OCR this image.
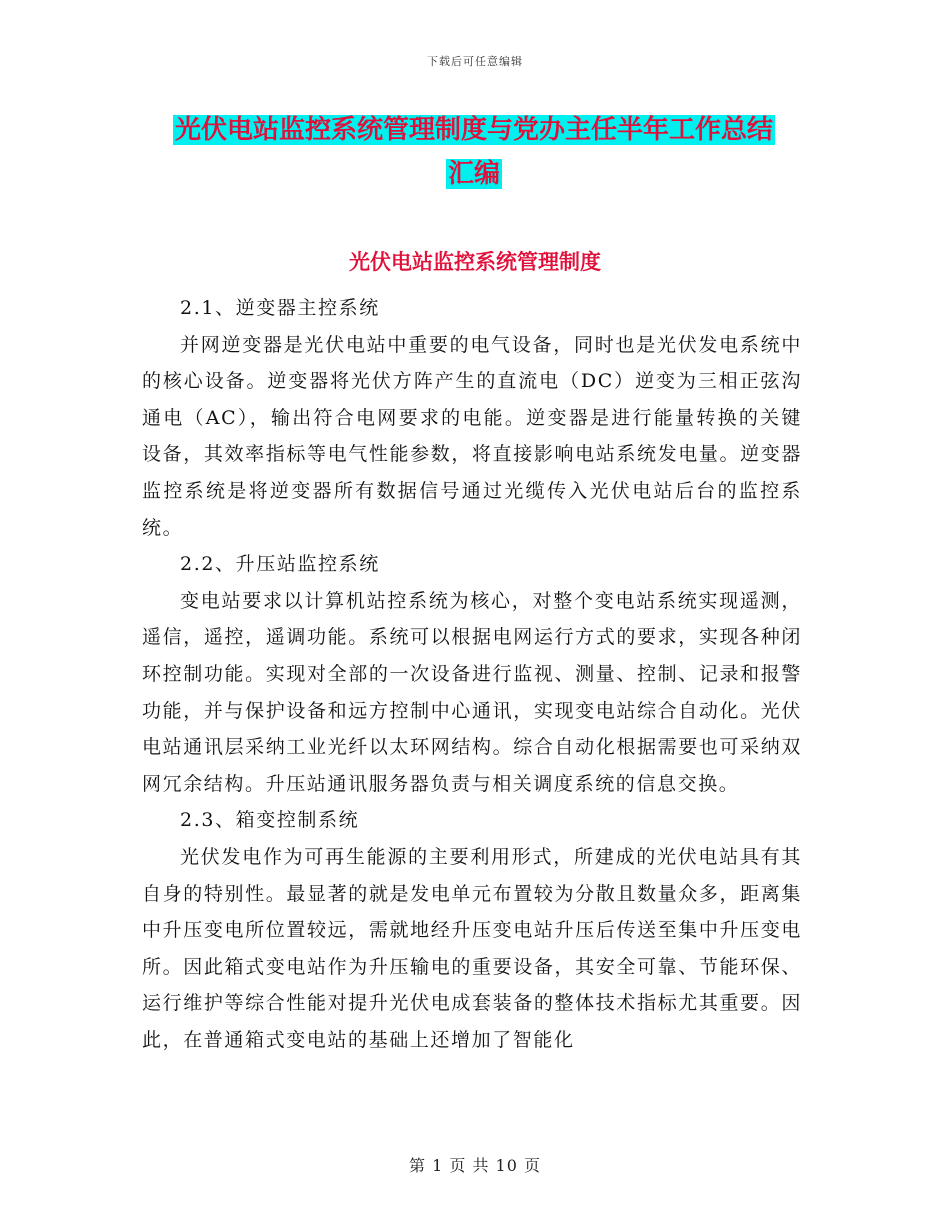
下载后可任意编辑
光伏电站监控系统管理制度与党办主任半年工作总结
汇编
光伏电站监控系统管理制度

2.1、逆变器主控系统

并网逆变器是光伏电站中重要的电气设备，同时也是光伏发电系统中的核心设备。逆变器将光伏方阵产生的直流电（DC）逆变为三相正弦沟通电（AC），输出符合电网要求的电能。逆变器是进行能量转换的关键设备，其效率指标等电气性能参数，将直接影响电站系统发电量。逆变器监控系统是将逆变器所有数据信号通过光缆传入光伏电站后台的监控系统。

2.2、升压站监控系统

变电站要求以计算机站控系统为核心，对整个变电站系统实现遥测，遥信，遥控，遥调功能。系统可以根据电网运行方式的要求，实现各种闭环控制功能。实现对全部的一次设备进行监视、测量、控制、记录和报警功能，并与保护设备和远方控制中心通讯，实现变电站综合自动化。光伏电站通讯层采纳工业光纤以太环网结构。综合自动化根据需要也可采纳双网冗余结构。升压站通讯服务器负责与相关调度系统的信息交换。

2.3、箱变控制系统

光伏发电作为可再生能源的主要利用形式，所建成的光伏电站具有其自身的特别性。最显著的就是发电单元布置较为分散且数量众多，距离集中升压变电所位置较远，需就地经升压变电站升压后传送至集中升压变电所。因此箱式变电站作为升压输电的重要设备，其安全可靠、节能环保、运行维护等综合性能对提升光伏电成套装备的整体技术指标尤其重要。因此，在普通箱式变电站的基础上还增加了智能化

第 1 页 共 10 页
